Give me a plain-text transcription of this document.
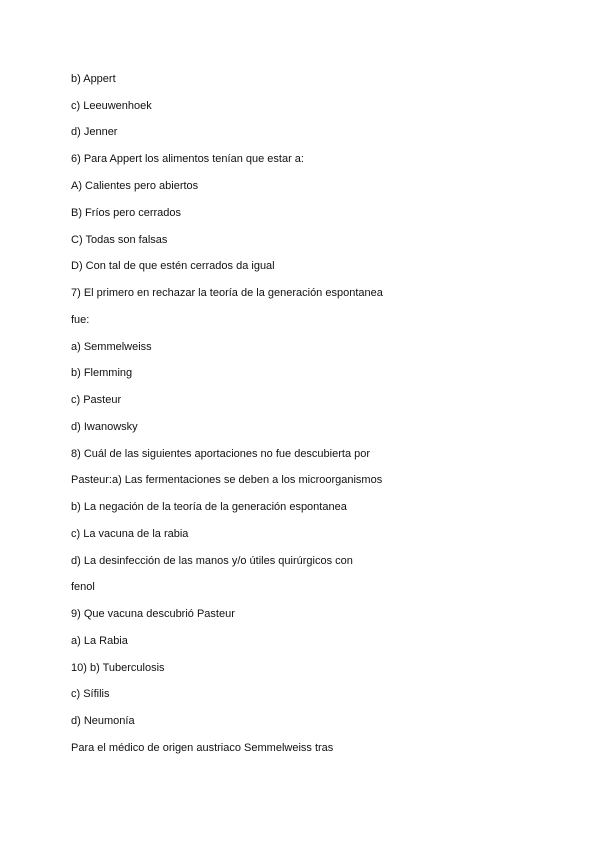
b) Appert
c) Leeuwenhoek
d) Jenner
6) Para Appert los alimentos tenían que estar a:
A) Calientes pero abiertos
B) Fríos pero cerrados
C) Todas son falsas
D) Con tal de que estén cerrados da igual
7) El primero en rechazar la teoría de la generación espontanea
fue:
a) Semmelweiss
b) Flemming
c) Pasteur
d) Iwanowsky
8) Cuál de las siguientes aportaciones no fue descubierta por
Pasteur:a) Las fermentaciones se deben a los microorganismos
b) La negación de la teoría de la generación espontanea
c) La vacuna de la rabia
d) La desinfección de las manos y/o útiles quirúrgicos con
fenol
9) Que vacuna descubrió Pasteur
a) La Rabia
10) b) Tuberculosis
c) Sífilis
d) Neumonía
Para el médico de origen austriaco Semmelweiss tras
